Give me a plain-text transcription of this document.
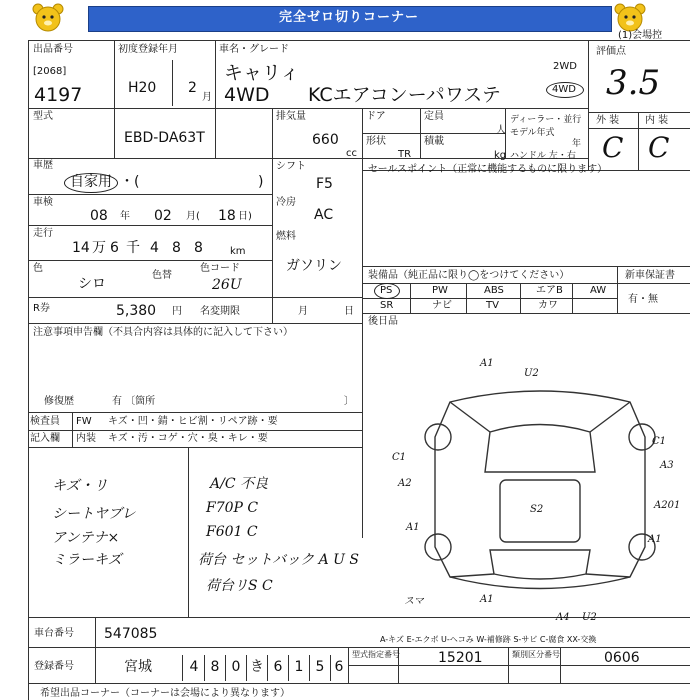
完全ゼロ切りコーナー
出品番号
[2068]
4197
初度登録年月
H20 2
月
車名・グレード
キャリィ
4WD KCエアコンーパワステ
2WD
4WD
(1)会場控
評価点
3.5
型式
EBD-DA63T
排気量
660
cc
ドア
形状
TR
定員
人
積載
kg
ディーラー・並行
モデル年式
年
ハンドル 左・右
外 装	内 装
C C
車歴
自家用 ・(	)
車検
08 年 02 月( 18 日)
走行
14 万 6 千 4 8 8	km
色
シロ
色替
色コード
26U
R券	5,380 円 名変期限	月	日
シフト
F5
冷房
AC
燃料
ガソリン
セールスポイント（正常に機能するものに限ります）
装備品（純正品に限り◯をつけてください）	新車保証書
有・無
PS	PW	ABS	エアB	AW
SR	ナビ	TV	カワ
後日品
注意事項申告欄（不具合内容は具体的に記入して下さい）
修復歴	有 〔箇所	〕
検査員
記入欄
FW キズ・凹・錆・ヒビ割・リペア跡・要
内装 キズ・汚・コゲ・穴・臭・キレ・要
キズ・リ
シートヤブレ
アンテナ×
ミラーキズ
A/C 不良
F70P C
F601 C
荷台 セットバック A U S
荷台リS C
A1
U2
C1
A2
A3
A201
A1
A1
S2
C1
A1
A4 U2
スマ
A-キズ E-エクボ U-ヘコみ W-補修跡 S-サビ C-腐食 XX-交換
車台番号 547085
登録番号	宮城	4 8 0 き 6 1 5 6
型式指定番号	15201	類別区分番号	0606
希望出品コーナー（コーナーは会場により異なります）
